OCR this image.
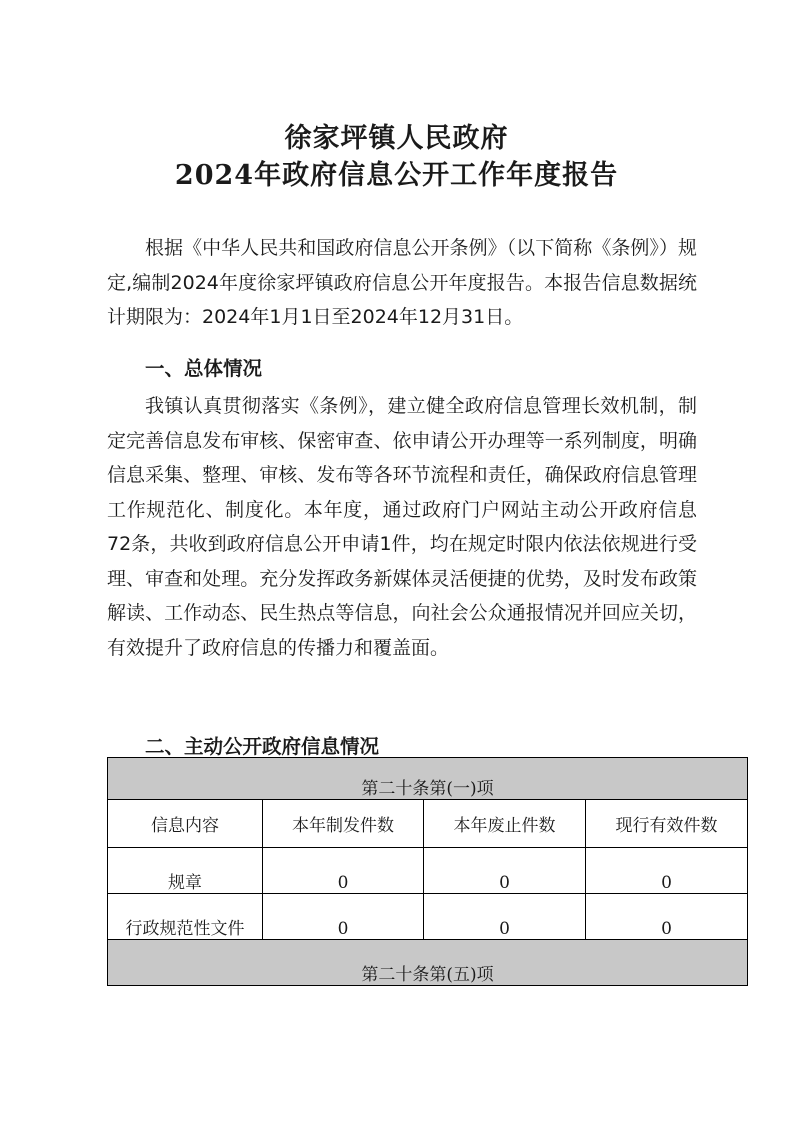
徐家坪镇人民政府
2024年政府信息公开工作年度报告
根据《中华人民共和国政府信息公开条例》（以下简称《条例》）规定,编制2024年度徐家坪镇政府信息公开年度报告。本报告信息数据统计期限为：2024年1月1日至2024年12月31日。
一、总体情况
我镇认真贯彻落实《条例》，建立健全政府信息管理长效机制，制定完善信息发布审核、保密审查、依申请公开办理等一系列制度，明确信息采集、整理、审核、发布等各环节流程和责任，确保政府信息管理工作规范化、制度化。本年度，通过政府门户网站主动公开政府信息72条，共收到政府信息公开申请1件，均在规定时限内依法依规进行受理、审查和处理。充分发挥政务新媒体灵活便捷的优势，及时发布政策解读、工作动态、民生热点等信息，向社会公众通报情况并回应关切，有效提升了政府信息的传播力和覆盖面。
二、主动公开政府信息情况
第二十条第(一)项			
信息内容	本年制发件数	本年废止件数	现行有效件数
规章	0	0	0
行政规范性文件	0	0	0
第二十条第(五)项			
